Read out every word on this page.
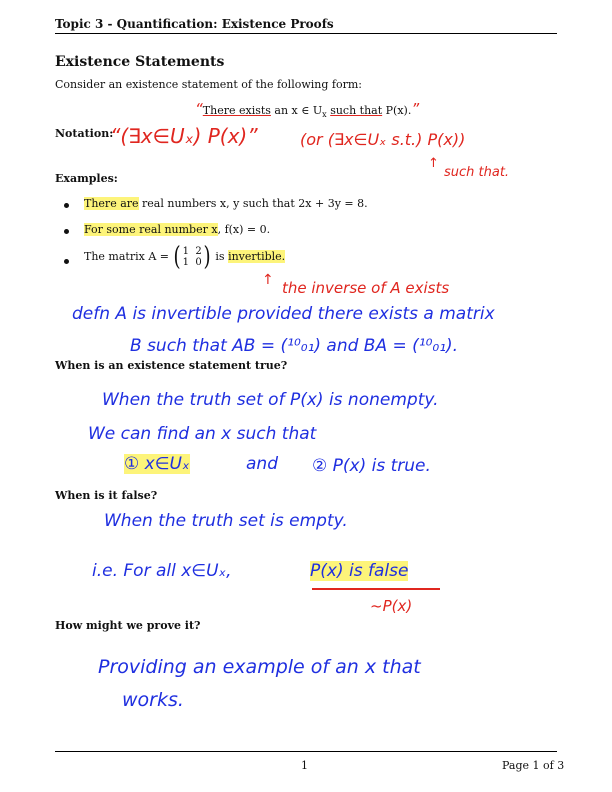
Topic 3 - Quantification: Existence Proofs
Existence Statements
Consider an existence statement of the following form:
“There exists an x ∈ $U_x$ such that P(x).”
Notation:
“(∃x∈Uₓ) P(x)”	(or (∃x∈Uₓ s.t.) P(x))
↑
such that.
Examples:
There are real numbers x, y such that 2x + 3y = 8.
For some real number x, f(x) = 0.
The matrix A = ( 1 2
1 0) is invertible.
↑ the inverse of A exists
defn A is invertible provided there exists a matrix
B such that AB = (¹⁰₀₁) and BA = (¹⁰₀₁).
When is an existence statement true?
When the truth set of P(x) is nonempty.
We can find an x such that
① x∈Uₓ	and ② P(x) is true.
When is it false?
When the truth set is empty.
i.e. For all x∈Uₓ,	P(x) is false
~P(x)
How might we prove it?
Providing an example of an x that
works.
1	Page 1 of 3
